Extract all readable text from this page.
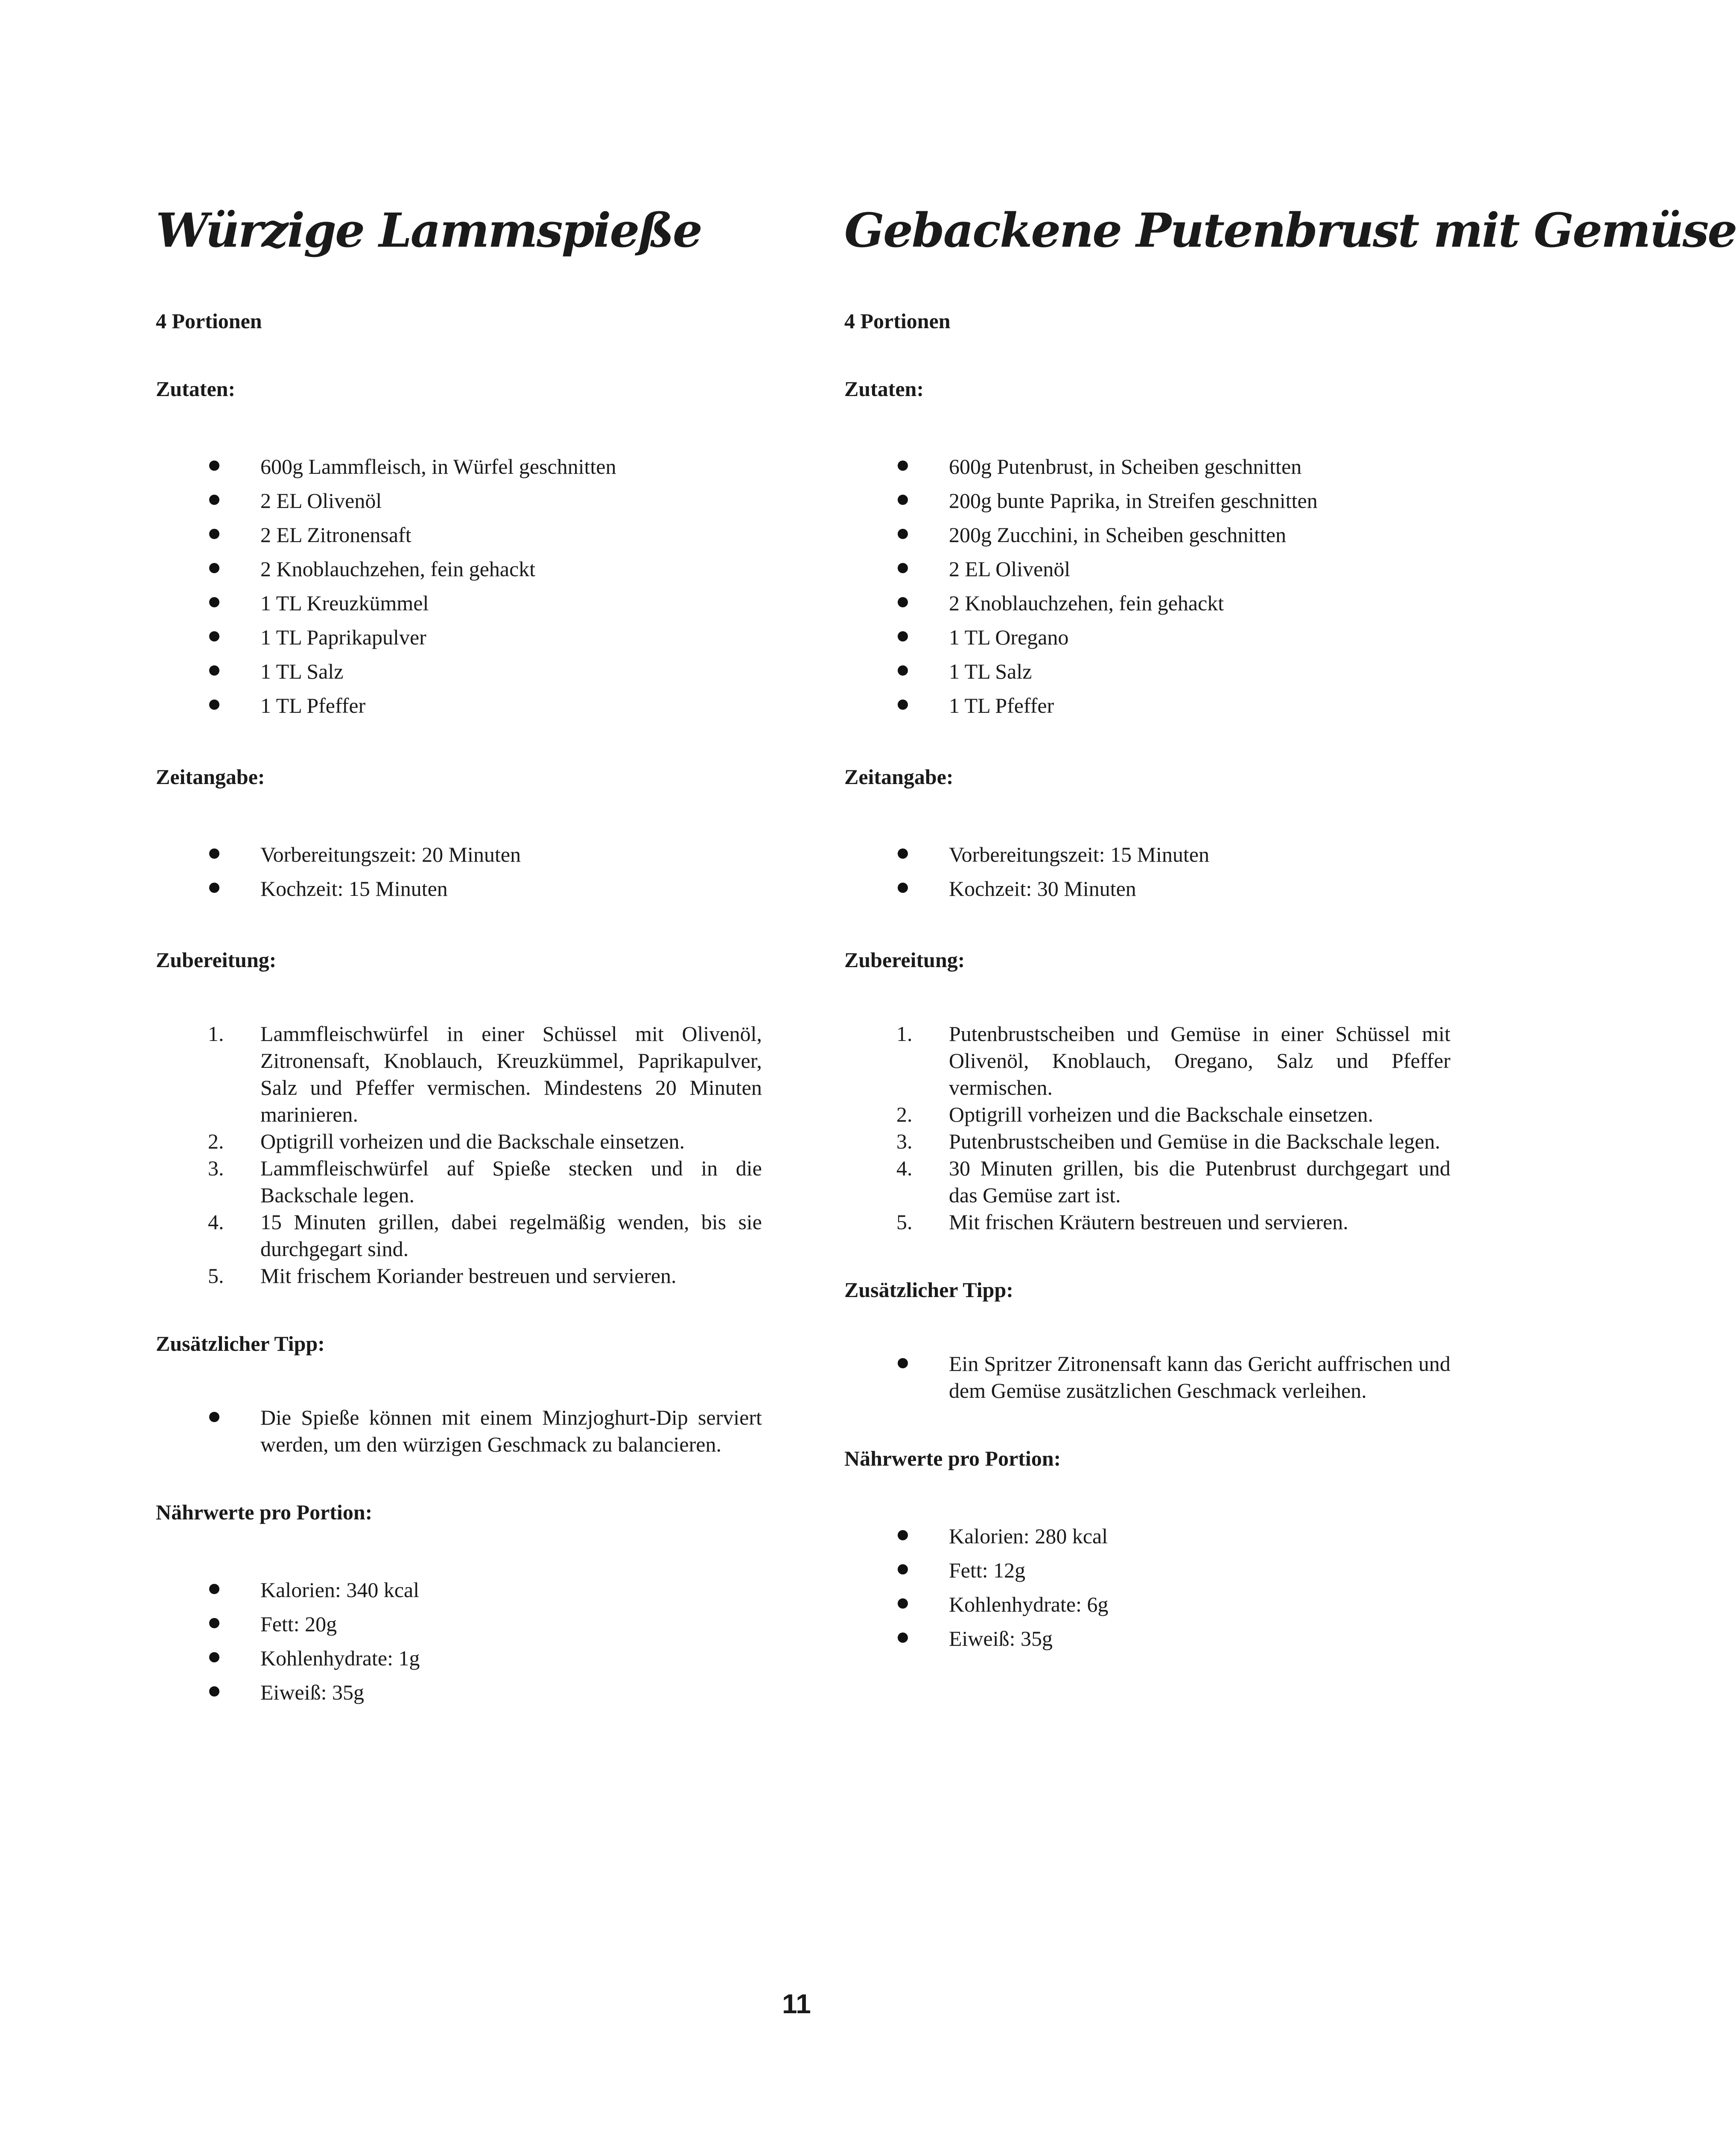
Würzige Lammspieße

4 Portionen

Zutaten:

600g Lammfleisch, in Würfel geschnitten
2 EL Olivenöl
2 EL Zitronensaft
2 Knoblauchzehen, fein gehackt
1 TL Kreuzkümmel
1 TL Paprikapulver
1 TL Salz
1 TL Pfeffer

Zeitangabe:

Vorbereitungszeit: 20 Minuten
Kochzeit: 15 Minuten

Zubereitung:

1. Lammfleischwürfel in einer Schüssel mit Olivenöl, Zitronensaft, Knoblauch, Kreuzkümmel, Paprikapulver, Salz und Pfeffer vermischen. Mindestens 20 Minuten marinieren.
2. Optigrill vorheizen und die Backschale einsetzen.
3. Lammfleischwürfel auf Spieße stecken und in die Backschale legen.
4. 15 Minuten grillen, dabei regelmäßig wenden, bis sie durchgegart sind.
5. Mit frischem Koriander bestreuen und servieren.

Zusätzlicher Tipp:

Die Spieße können mit einem Minzjoghurt-Dip serviert werden, um den würzigen Geschmack zu balancieren.

Nährwerte pro Portion:

Kalorien: 340 kcal
Fett: 20g
Kohlenhydrate: 1g
Eiweiß: 35g
Gebackene Putenbrust mit Gemüse

4 Portionen

Zutaten:

600g Putenbrust, in Scheiben geschnitten
200g bunte Paprika, in Streifen geschnitten
200g Zucchini, in Scheiben geschnitten
2 EL Olivenöl
2 Knoblauchzehen, fein gehackt
1 TL Oregano
1 TL Salz
1 TL Pfeffer

Zeitangabe:

Vorbereitungszeit: 15 Minuten
Kochzeit: 30 Minuten

Zubereitung:

1. Putenbrustscheiben und Gemüse in einer Schüssel mit Olivenöl, Knoblauch, Oregano, Salz und Pfeffer vermischen.
2. Optigrill vorheizen und die Backschale einsetzen.
3. Putenbrustscheiben und Gemüse in die Backschale legen.
4. 30 Minuten grillen, bis die Putenbrust durchgegart und das Gemüse zart ist.
5. Mit frischen Kräutern bestreuen und servieren.

Zusätzlicher Tipp:

Ein Spritzer Zitronensaft kann das Gericht auffrischen und dem Gemüse zusätzlichen Geschmack verleihen.

Nährwerte pro Portion:

Kalorien: 280 kcal
Fett: 12g
Kohlenhydrate: 6g
Eiweiß: 35g
11
